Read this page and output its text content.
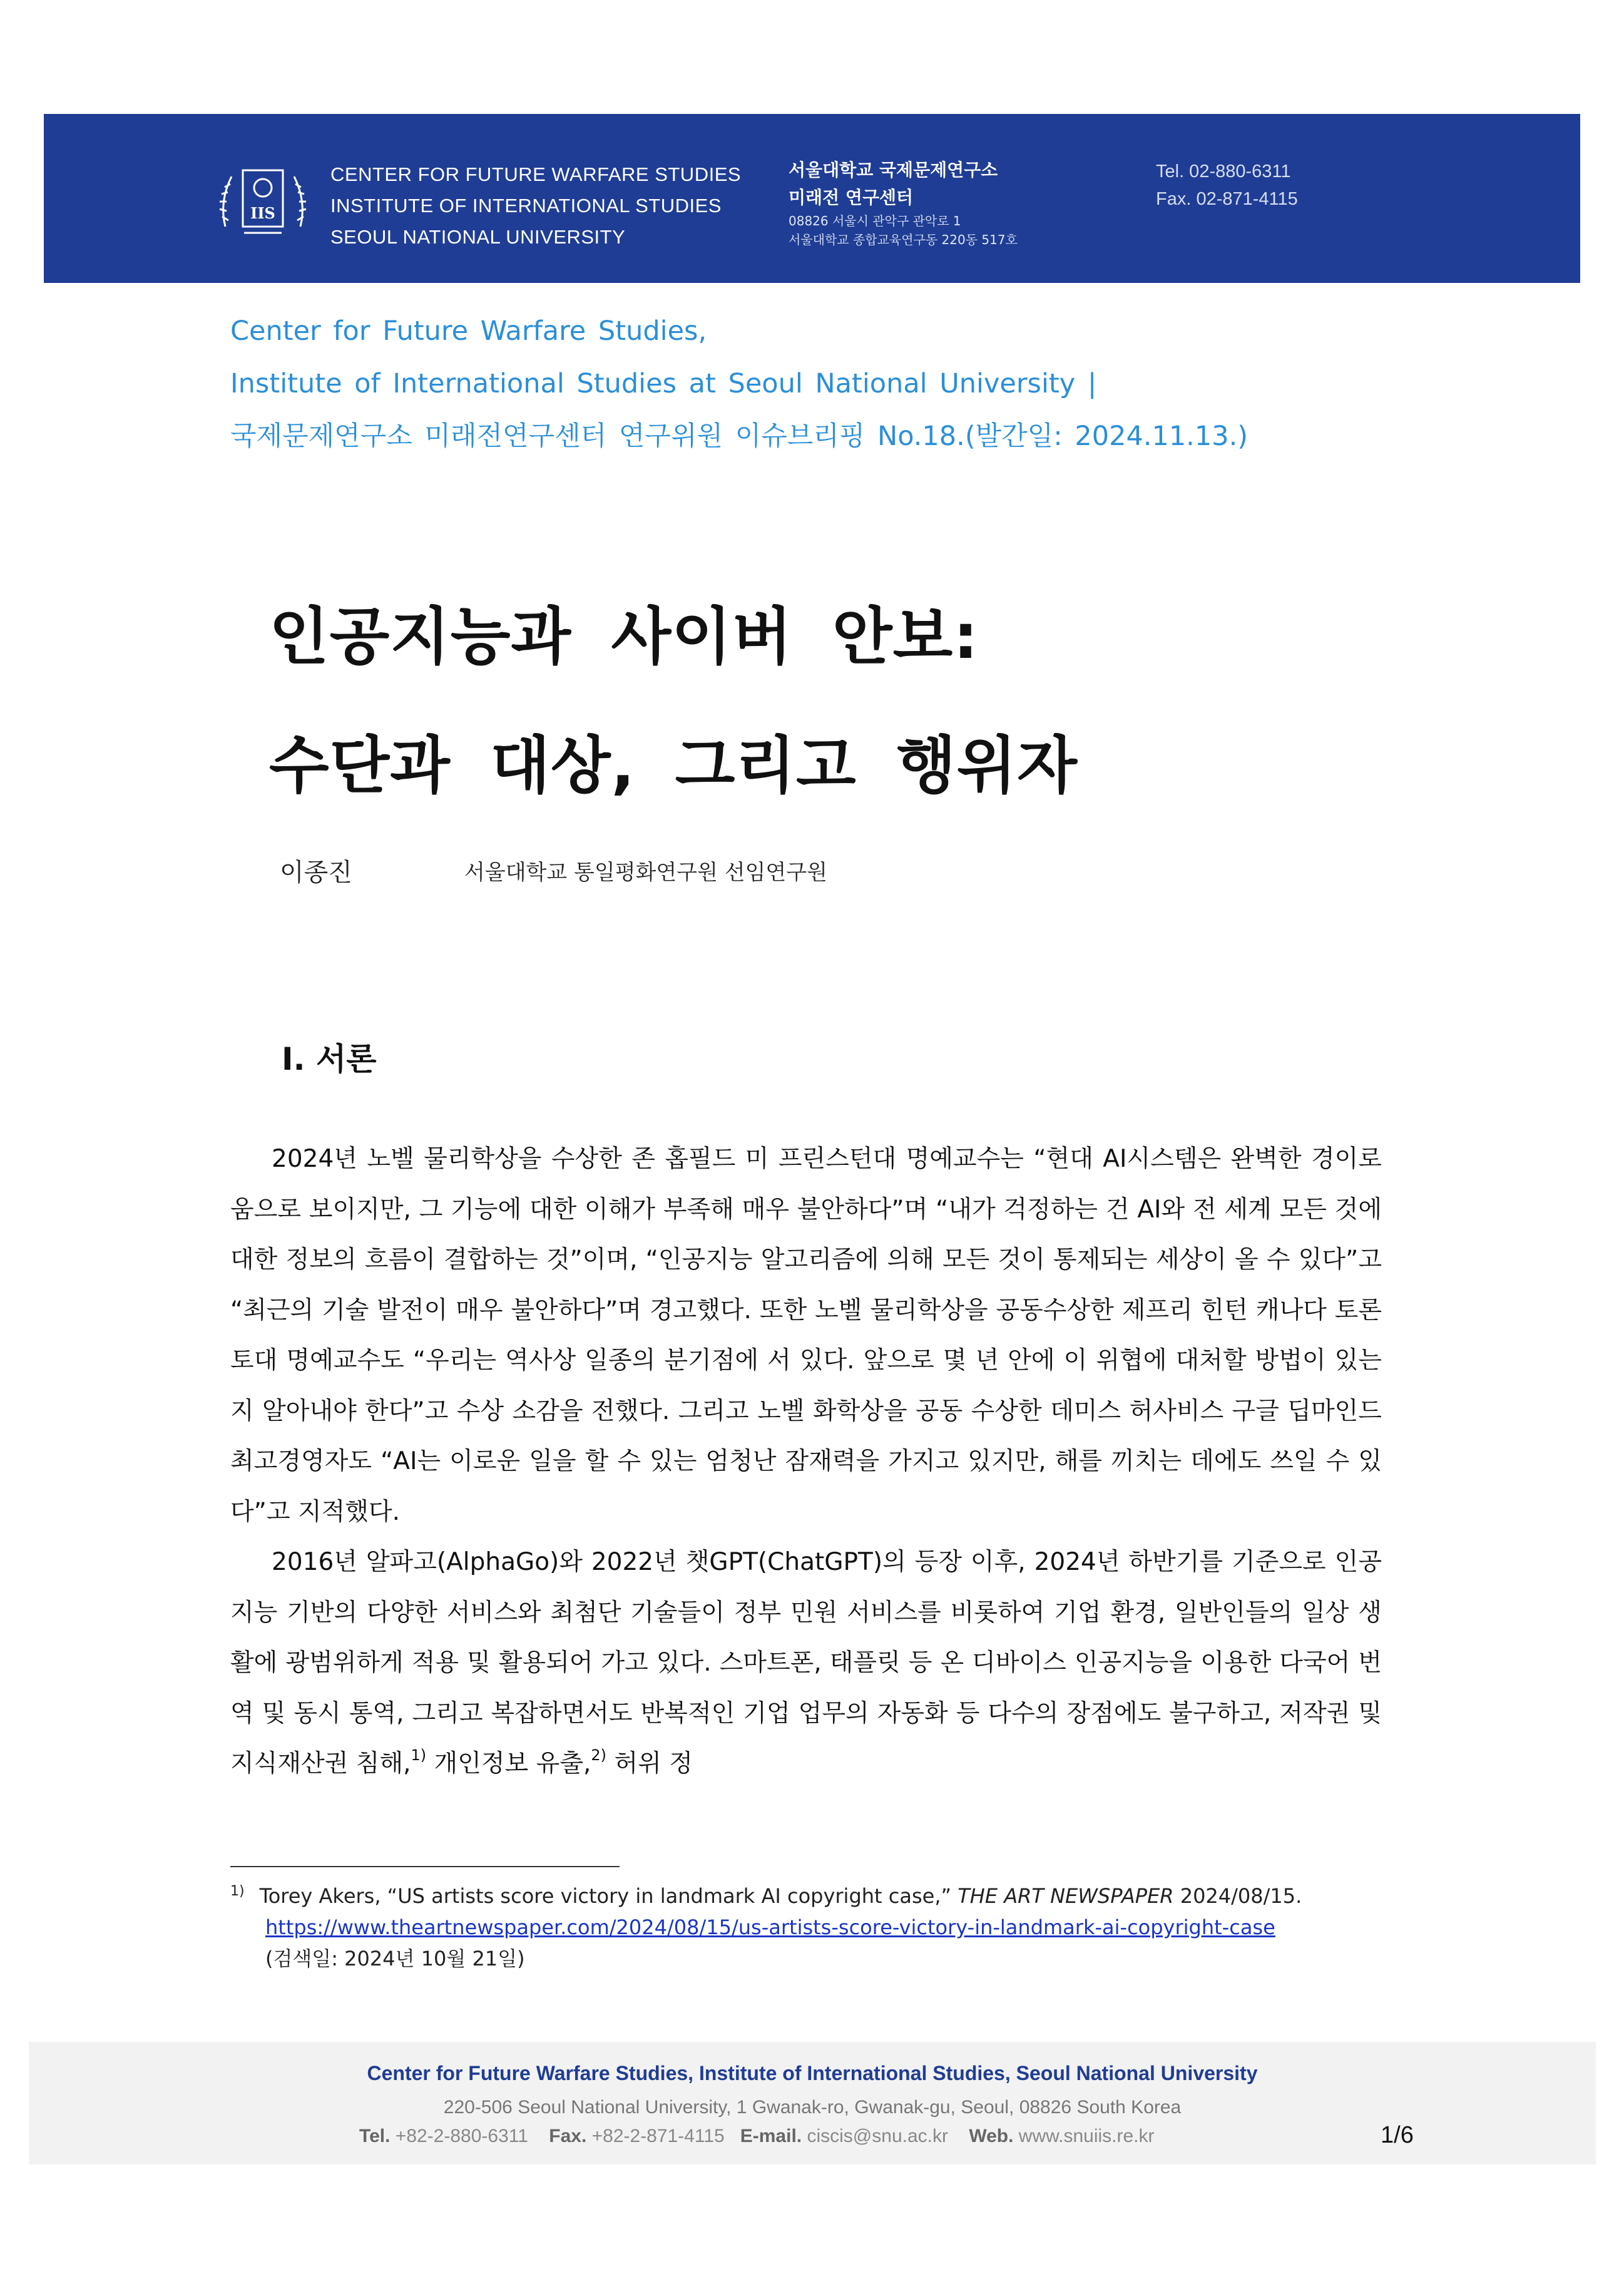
IIS
CENTER FOR FUTURE WARFARE STUDIES
INSTITUTE OF INTERNATIONAL STUDIES
SEOUL NATIONAL UNIVERSITY
서울대학교 국제문제연구소
미래전 연구센터
08826 서울시 관악구 관악로 1
서울대학교 종합교육연구동 220동 517호
Tel. 02-880-6311
Fax. 02-871-4115
Center for Future Warfare Studies,
Institute of International Studies at Seoul National University |
국제문제연구소 미래전연구센터 연구위원 이슈브리핑 No.18.(발간일: 2024.11.13.)
인공지능과 사이버 안보:
수단과 대상, 그리고 행위자
이종진	서울대학교 통일평화연구원 선임연구원
Ⅰ. 서론

2024년 노벨 물리학상을 수상한 존 홉필드 미 프린스턴대 명예교수는 “현대 AI시스템은 완벽한 경이로움으로 보이지만, 그 기능에 대한 이해가 부족해 매우 불안하다”며 “내가 걱정하는 건 AI와 전 세계 모든 것에 대한 정보의 흐름이 결합하는 것”이며, “인공지능 알고리즘에 의해 모든 것이 통제되는 세상이 올 수 있다”고 “최근의 기술 발전이 매우 불안하다”며 경고했다. 또한 노벨 물리학상을 공동수상한 제프리 힌턴 캐나다 토론토대 명예교수도 “우리는 역사상 일종의 분기점에 서 있다. 앞으로 몇 년 안에 이 위협에 대처할 방법이 있는지 알아내야 한다”고 수상 소감을 전했다. 그리고 노벨 화학상을 공동 수상한 데미스 허사비스 구글 딥마인드 최고경영자도 “AI는 이로운 일을 할 수 있는 엄청난 잠재력을 가지고 있지만, 해를 끼치는 데에도 쓰일 수 있다”고 지적했다.

2016년 알파고(AlphaGo)와 2022년 챗GPT(ChatGPT)의 등장 이후, 2024년 하반기를 기준으로 인공지능 기반의 다양한 서비스와 최첨단 기술들이 정부 민원 서비스를 비롯하여 기업 환경, 일반인들의 일상 생활에 광범위하게 적용 및 활용되어 가고 있다. 스마트폰, 태플릿 등 온 디바이스 인공지능을 이용한 다국어 번역 및 동시 통역, 그리고 복잡하면서도 반복적인 기업 업무의 자동화 등 다수의 장점에도 불구하고, 저작권 및 지식재산권 침해,$^{1)}$ 개인정보 유출,$^{2)}$ 허위 정

$^{1)}$ Torey Akers, “US artists score victory in landmark AI copyright case,” THE ART NEWSPAPER 2024/08/15.
https://www.theartnewspaper.com/2024/08/15/us-artists-score-victory-in-landmark-ai-copyright-case
(검색일: 2024년 10월 21일)
Center for Future Warfare Studies, Institute of International Studies, Seoul National University
220-506 Seoul National University, 1 Gwanak-ro, Gwanak-gu, Seoul, 08826 South Korea
Tel. +82-2-880-6311 Fax. +82-2-871-4115 E-mail. ciscis@snu.ac.kr Web. www.snuiis.re.kr	1/6
